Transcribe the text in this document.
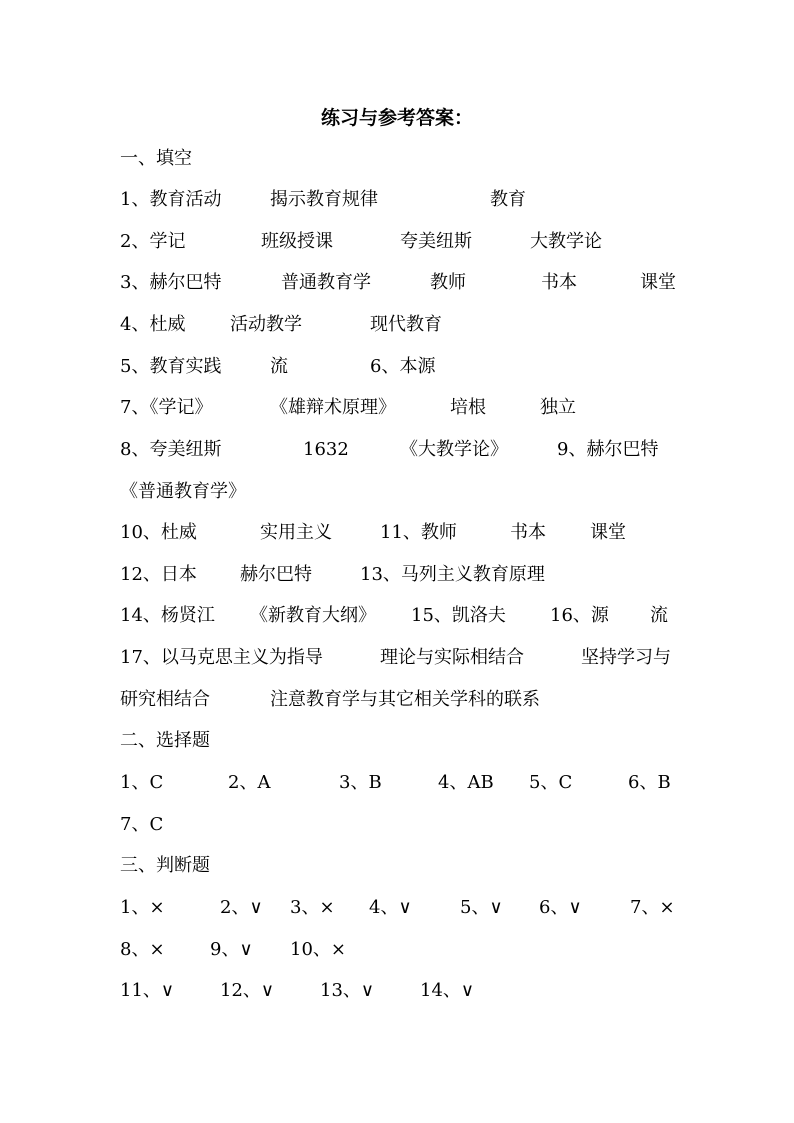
练习与参考答案：
一、填空
1、教育活动	揭示教育规律	教育
2、学记	班级授课	夸美纽斯	大教学论
3、赫尔巴特	普通教育学	教师	书本	课堂
4、杜威 活动教学	现代教育
5、教育实践	流	6、本源
7、《学记》	《雄辩术原理》	培根	独立
8、夸美纽斯	1632	《大教学论》	9、赫尔巴特
《普通教育学》
10、杜威	实用主义	11、教师	书本 课堂
12、日本 赫尔巴特	13、马列主义教育原理
14、杨贤江 《新教育大纲》 15、凯洛夫 16、源 流
17、以马克思主义为指导	理论与实际相结合	坚持学习与
研究相结合	注意教育学与其它相关学科的联系
二、选择题
1、C	2、A	3、B	4、AB 5、C	6、B
7、C
三、判断题
1、×	2、∨ 3、× 4、∨	5、∨ 6、∨	7、×
8、×	9、∨ 10、×
11、∨	12、∨	13、∨	14、∨
